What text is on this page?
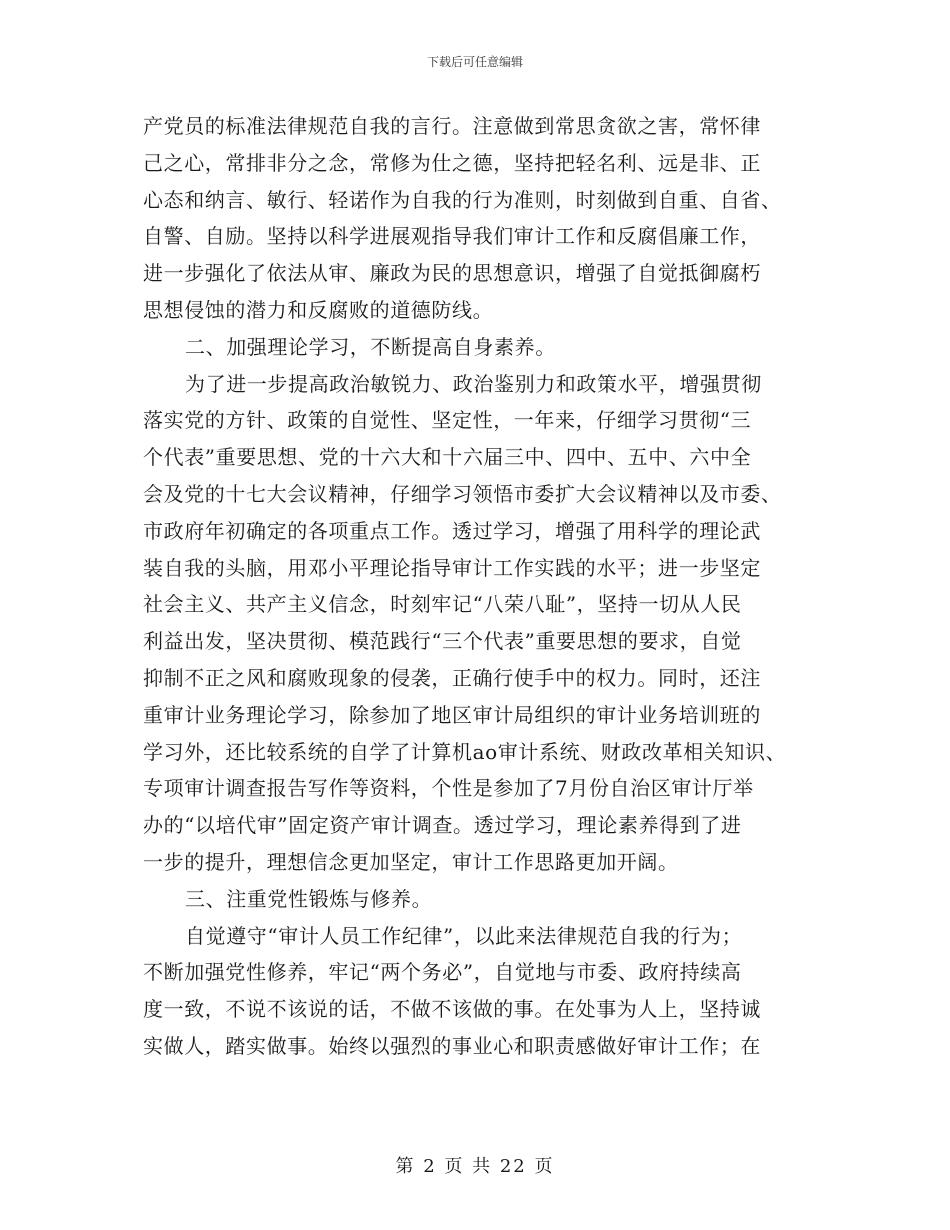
下载后可任意编辑
产党员的标准法律规范自我的言行。注意做到常思贪欲之害，常怀律
己之心，常排非分之念，常修为仕之德，坚持把轻名利、远是非、正
心态和纳言、敏行、轻诺作为自我的行为准则，时刻做到自重、自省、
自警、自励。坚持以科学进展观指导我们审计工作和反腐倡廉工作，
进一步强化了依法从审、廉政为民的思想意识，增强了自觉抵御腐朽
思想侵蚀的潜力和反腐败的道德防线。
二、加强理论学习，不断提高自身素养。
为了进一步提高政治敏锐力、政治鉴别力和政策水平，增强贯彻
落实党的方针、政策的自觉性、坚定性，一年来，仔细学习贯彻“三
个代表”重要思想、党的十六大和十六届三中、四中、五中、六中全
会及党的十七大会议精神，仔细学习领悟市委扩大会议精神以及市委、
市政府年初确定的各项重点工作。透过学习，增强了用科学的理论武
装自我的头脑，用邓小平理论指导审计工作实践的水平；进一步坚定
社会主义、共产主义信念，时刻牢记“八荣八耻”，坚持一切从人民
利益出发，坚决贯彻、模范践行“三个代表”重要思想的要求，自觉
抑制不正之风和腐败现象的侵袭，正确行使手中的权力。同时，还注
重审计业务理论学习，除参加了地区审计局组织的审计业务培训班的
学习外，还比较系统的自学了计算机ao审计系统、财政改革相关知识、
专项审计调查报告写作等资料，个性是参加了7月份自治区审计厅举
办的“以培代审”固定资产审计调查。透过学习，理论素养得到了进
一步的提升，理想信念更加坚定，审计工作思路更加开阔。
三、注重党性锻炼与修养。
自觉遵守“审计人员工作纪律”，以此来法律规范自我的行为；
不断加强党性修养，牢记“两个务必”，自觉地与市委、政府持续高
度一致，不说不该说的话，不做不该做的事。在处事为人上，坚持诚
实做人，踏实做事。始终以强烈的事业心和职责感做好审计工作；在
第 2 页 共 22 页
